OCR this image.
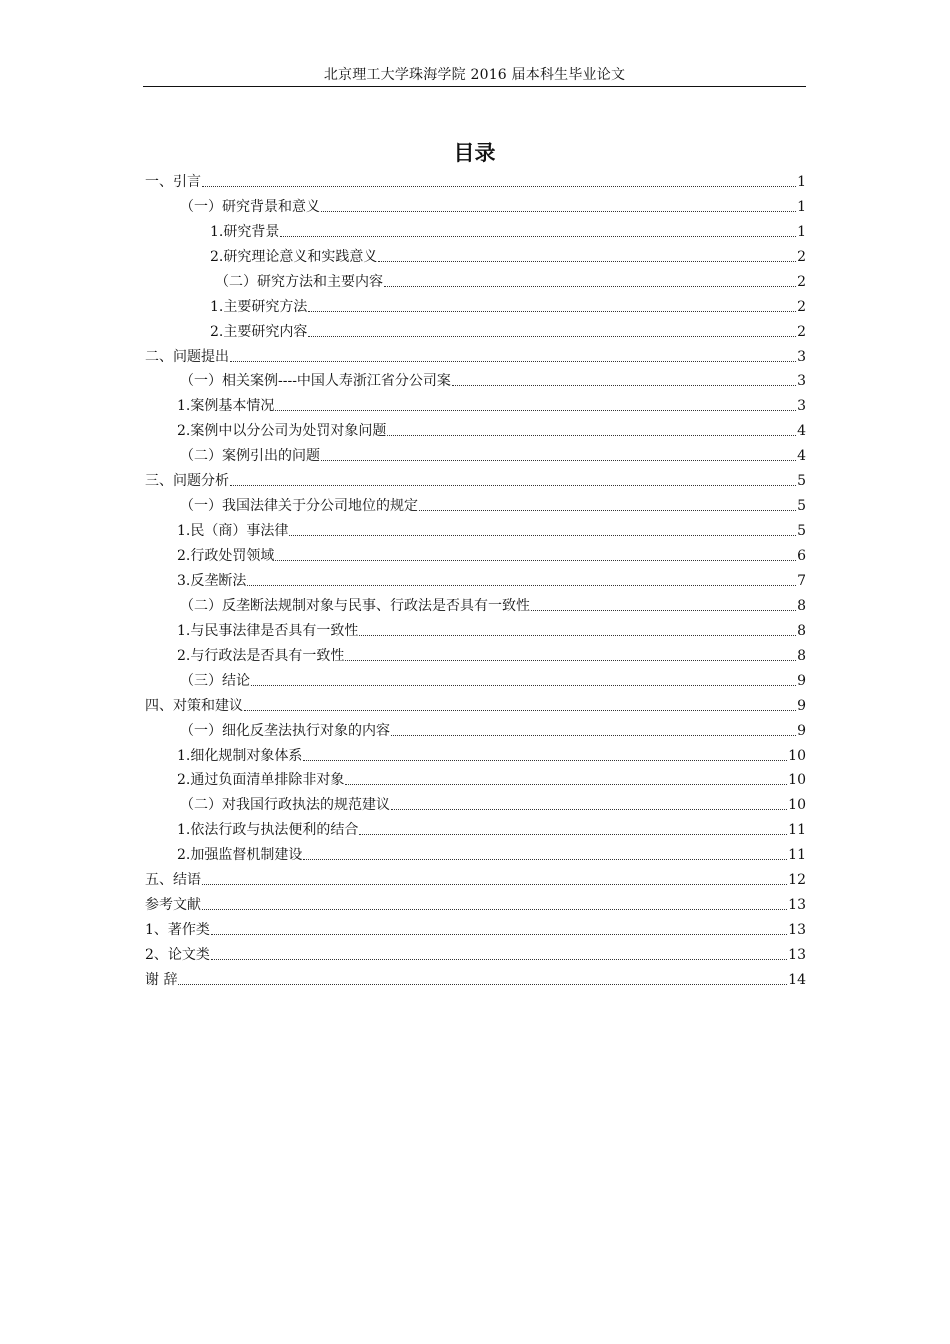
北京理工大学珠海学院 2016 届本科生毕业论文
目录
一、引言	1
（一）研究背景和意义	1
1.研究背景	1
2.研究理论意义和实践意义	2
（二）研究方法和主要内容	2
1.主要研究方法	2
2.主要研究内容	2
二、问题提出	3
（一）相关案例----中国人寿浙江省分公司案	3
1.案例基本情况	3
2.案例中以分公司为处罚对象问题	4
（二）案例引出的问题	4
三、问题分析	5
（一）我国法律关于分公司地位的规定	5
1.民（商）事法律	5
2.行政处罚领域	6
3.反垄断法	7
（二）反垄断法规制对象与民事、行政法是否具有一致性	8
1.与民事法律是否具有一致性	8
2.与行政法是否具有一致性	8
（三）结论	9
四、对策和建议	9
（一）细化反垄法执行对象的内容	9
1.细化规制对象体系	10
2.通过负面清单排除非对象	10
（二）对我国行政执法的规范建议	10
1.依法行政与执法便利的结合	11
2.加强监督机制建设	11
五、结语	12
参考文献	13
1、著作类	13
2、论文类	13
谢 辞	14
